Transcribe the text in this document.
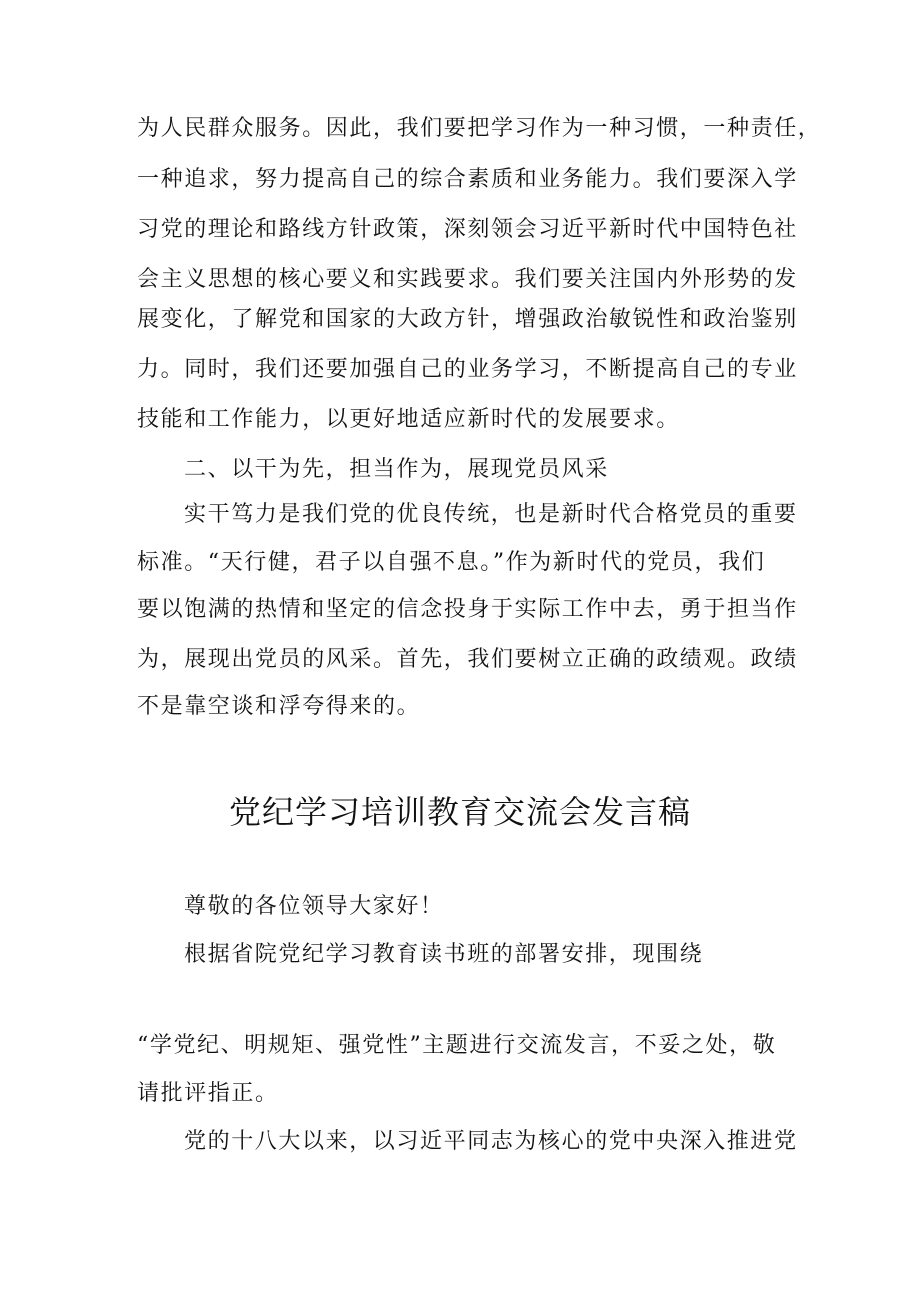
为人民群众服务。因此，我们要把学习作为一种习惯，一种责任，
一种追求，努力提高自己的综合素质和业务能力。我们要深入学
习党的理论和路线方针政策，深刻领会习近平新时代中国特色社
会主义思想的核心要义和实践要求。我们要关注国内外形势的发
展变化，了解党和国家的大政方针，增强政治敏锐性和政治鉴别
力。同时，我们还要加强自己的业务学习，不断提高自己的专业
技能和工作能力，以更好地适应新时代的发展要求。
二、以干为先，担当作为，展现党员风采
实干笃力是我们党的优良传统，也是新时代合格党员的重要
标准。“天行健，君子以自强不息。”作为新时代的党员，我们
要以饱满的热情和坚定的信念投身于实际工作中去，勇于担当作
为，展现出党员的风采。首先，我们要树立正确的政绩观。政绩
不是靠空谈和浮夸得来的。
党纪学习培训教育交流会发言稿
尊敬的各位领导大家好！
根据省院党纪学习教育读书班的部署安排，现围绕
“学党纪、明规矩、强党性”主题进行交流发言，不妥之处，敬
请批评指正。
党的十八大以来，以习近平同志为核心的党中央深入推进党
